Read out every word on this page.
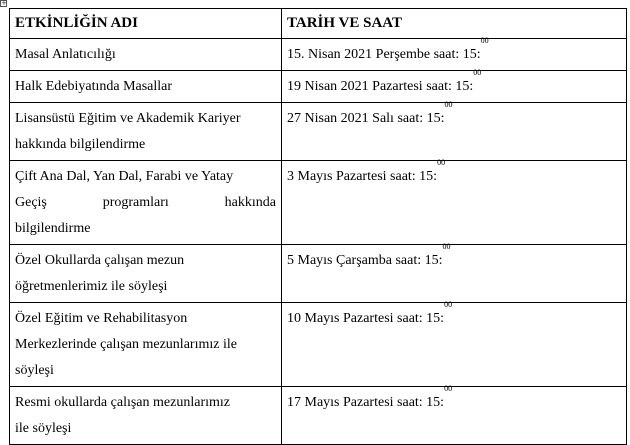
+
ETKİNLİĞİN ADI	TARİH VE SAAT

Masal Anlatıcılığı	15. Nisan 2021 Perşembe saat: 15:$^{00}$

Halk Edebiyatında Masallar	19 Nisan 2021 Pazartesi saat: 15:$^{00}$

Lisansüstü Eğitim ve Akademik Kariyer
hakkında bilgilendirme	27 Nisan 2021 Salı saat: 15:$^{00}$

Çift Ana Dal, Yan Dal, Farabi ve Yatay
Geçiş programları hakkında
bilgilendirme	3 Mayıs Pazartesi saat: 15:$^{00}$

Özel Okullarda çalışan mezun
öğretmenlerimiz ile söyleşi	5 Mayıs Çarşamba saat: 15:$^{00}$

Özel Eğitim ve Rehabilitasyon
Merkezlerinde çalışan mezunlarımız ile
söyleşi	10 Mayıs Pazartesi saat: 15:$^{00}$

Resmi okullarda çalışan mezunlarımız
ile söyleşi	17 Mayıs Pazartesi saat: 15:$^{00}$
